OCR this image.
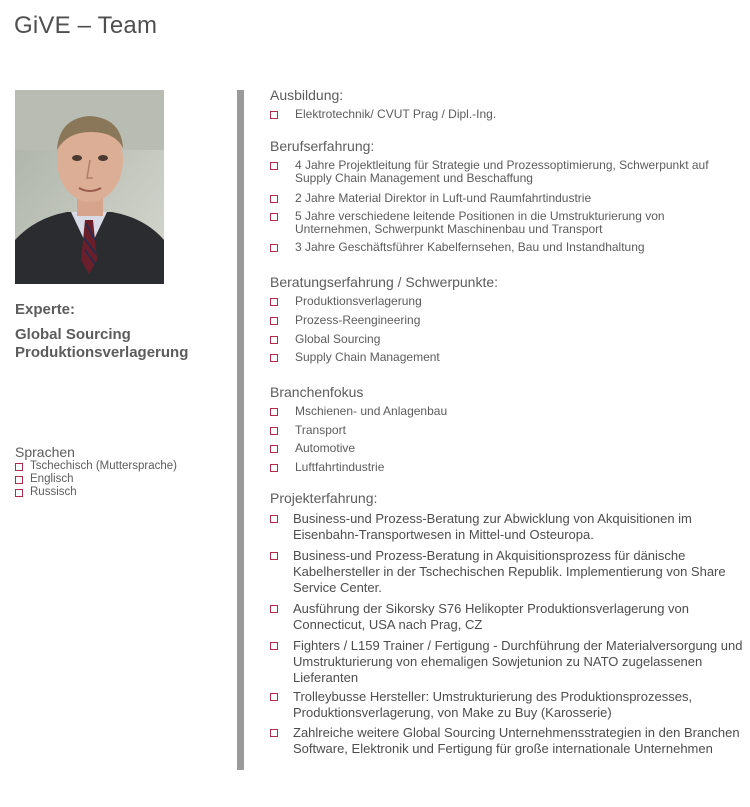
GiVE – Team
Experte:
Global Sourcing
Produktionsverlagerung
Sprachen
Tschechisch (Muttersprache)
Englisch
Russisch
Ausbildung:
Elektrotechnik/ CVUT Prag / Dipl.-Ing.
Berufserfahrung:
4 Jahre Projektleitung für Strategie und Prozessoptimierung, Schwerpunkt auf Supply Chain Management und Beschaffung
2 Jahre Material Direktor in Luft-und Raumfahrtindustrie
5 Jahre verschiedene leitende Positionen in die Umstrukturierung von Unternehmen, Schwerpunkt Maschinenbau und Transport
3 Jahre Geschäftsführer Kabelfernsehen, Bau und Instandhaltung
Beratungserfahrung / Schwerpunkte:
Produktionsverlagerung
Prozess-Reengineering
Global Sourcing
Supply Chain Management
Branchenfokus
Mschienen- und Anlagenbau
Transport
Automotive
Luftfahrtindustrie
Projekterfahrung:
Business-und Prozess-Beratung zur Abwicklung von Akquisitionen im Eisenbahn-Transportwesen in Mittel-und Osteuropa.
Business-und Prozess-Beratung in Akquisitionsprozess für dänische Kabelhersteller in der Tschechischen Republik. Implementierung von Share Service Center.
Ausführung der Sikorsky S76 Helikopter Produktionsverlagerung von Connecticut, USA nach Prag, CZ
Fighters / L159 Trainer / Fertigung - Durchführung der Materialversorgung und Umstrukturierung von ehemaligen Sowjetunion zu NATO zugelassenen Lieferanten
Trolleybusse Hersteller: Umstrukturierung des Produktionsprozesses, Produktionsverlagerung, von Make zu Buy (Karosserie)
Zahlreiche weitere Global Sourcing Unternehmensstrategien in den Branchen Software, Elektronik und Fertigung für große internationale Unternehmen
